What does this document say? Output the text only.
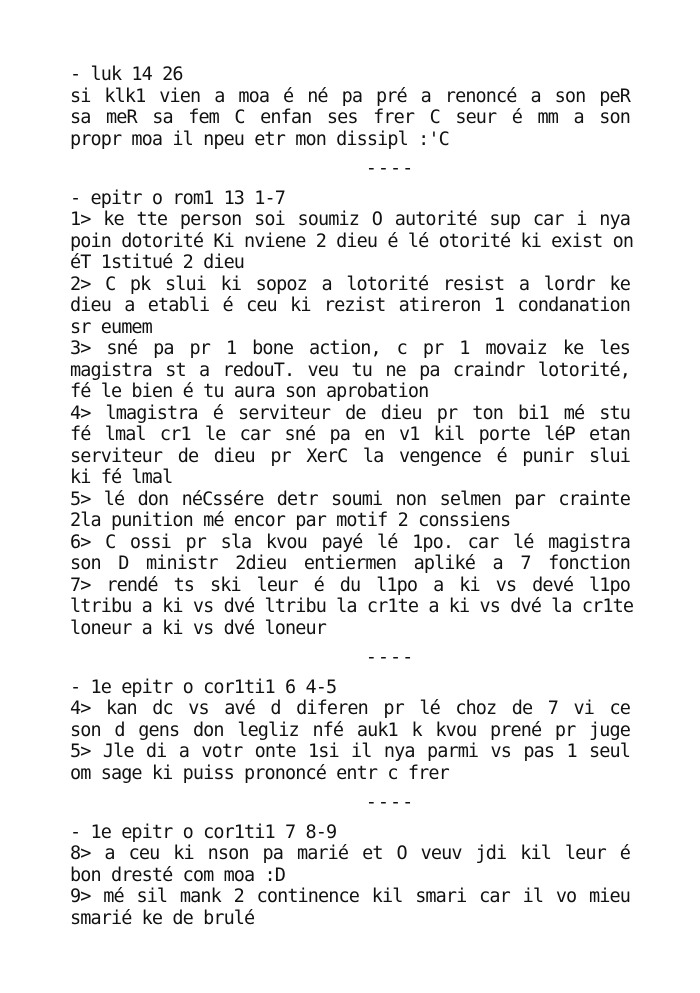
- luk 14 26
si klk1 vien a moa é né pa pré a renoncé a son peR
sa meR sa fem C enfan ses frer C seur é mm a son
propr moa il npeu etr mon dissipl :'C
----
- epitr o rom1 13 1-7
1> ke tte person soi soumiz O autorité sup car i nya
poin dotorité Ki nviene 2 dieu é lé otorité ki exist on
éT 1stitué 2 dieu
2> C pk slui ki sopoz a lotorité resist a lordr ke
dieu a etabli é ceu ki rezist atireron 1 condanation
sr eumem
3> sné pa pr 1 bone action, c pr 1 movaiz ke les
magistra st a redouT. veu tu ne pa craindr lotorité,
fé le bien é tu aura son aprobation
4> lmagistra é serviteur de dieu pr ton bi1 mé stu
fé lmal cr1 le car sné pa en v1 kil porte léP etan
serviteur de dieu pr XerC la vengence é punir slui
ki fé lmal
5> lé don néCssére detr soumi non selmen par crainte
2la punition mé encor par motif 2 conssiens
6> C ossi pr sla kvou payé lé 1po. car lé magistra
son D ministr 2dieu entiermen apliké a 7 fonction
7> rendé ts ski leur é du l1po a ki vs devé l1po
ltribu a ki vs dvé ltribu la cr1te a ki vs dvé la cr1te
loneur a ki vs dvé loneur
----
- 1e epitr o cor1ti1 6 4-5
4> kan dc vs avé d diferen pr lé choz de 7 vi ce
son d gens don legliz nfé auk1 k kvou prené pr juge
5> Jle di a votr onte 1si il nya parmi vs pas 1 seul
om sage ki puiss prononcé entr c frer
----
- 1e epitr o cor1ti1 7 8-9
8> a ceu ki nson pa marié et O veuv jdi kil leur é
bon dresté com moa :D
9> mé sil mank 2 continence kil smari car il vo mieu
smarié ke de brulé
